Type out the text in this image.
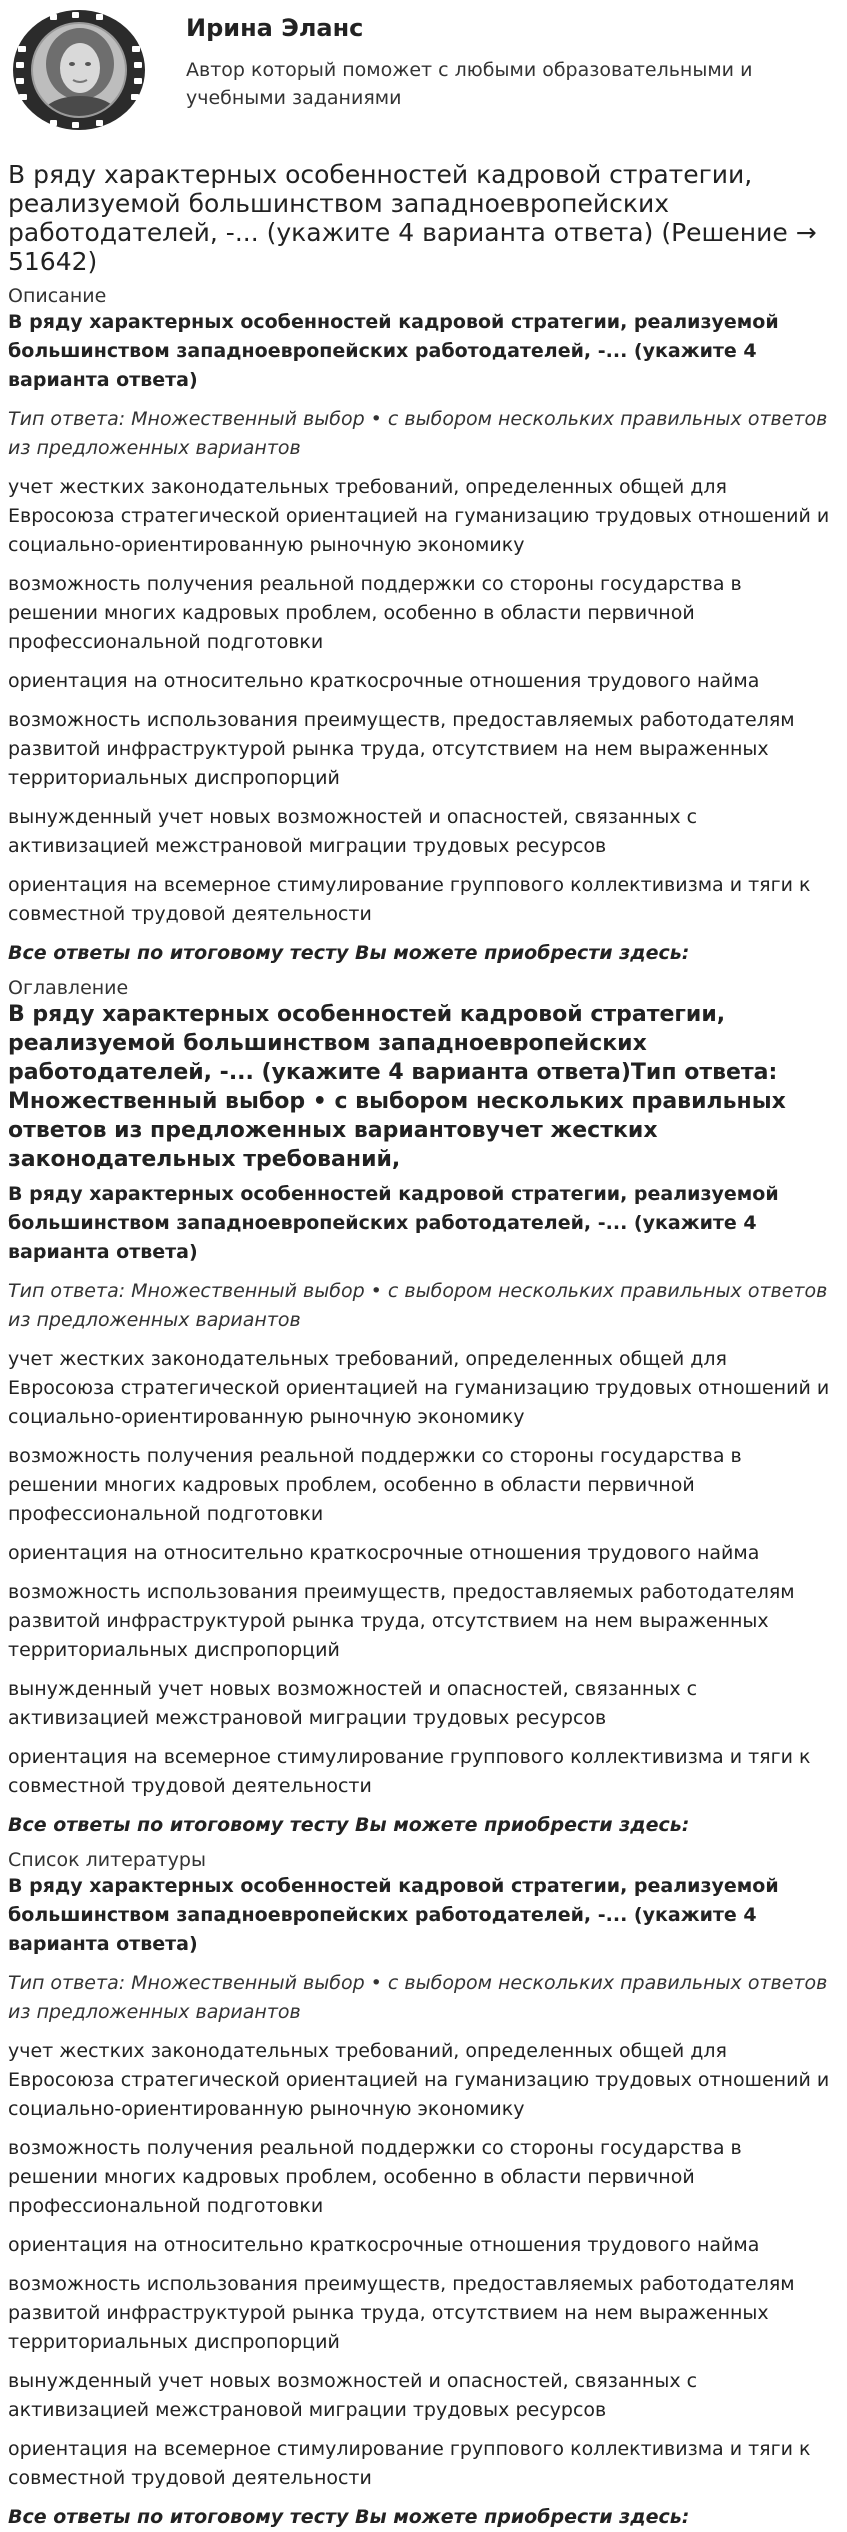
Ирина Эланс

Автор который поможет с любыми образовательными и учебными заданиями

В ряду характерных особенностей кадровой стратегии, реализуемой большинством западноевропейских работодателей, -... (укажите 4 варианта ответа) (Решение → 51642)

Описание

В ряду характерных особенностей кадровой стратегии, реализуемой большинством западноевропейских работодателей, -... (укажите 4 варианта ответа)

Тип ответа: Множественный выбор • с выбором нескольких правильных ответов из предложенных вариантов

учет жестких законодательных требований, определенных общей для Евросоюза стратегической ориентацией на гуманизацию трудовых отношений и социально-ориентированную рыночную экономику

возможность получения реальной поддержки со стороны государства в решении многих кадровых проблем, особенно в области первичной профессиональной подготовки

ориентация на относительно краткосрочные отношения трудового найма

возможность использования преимуществ, предоставляемых работодателям развитой инфраструктурой рынка труда, отсутствием на нем выраженных территориальных диспропорций

вынужденный учет новых возможностей и опасностей, связанных с активизацией межстрановой миграции трудовых ресурсов

ориентация на всемерное стимулирование группового коллективизма и тяги к совместной трудовой деятельности

Все ответы по итоговому тесту Вы можете приобрести здесь:

Оглавление

В ряду характерных особенностей кадровой стратегии, реализуемой большинством западноевропейских работодателей, -... (укажите 4 варианта ответа)Тип ответа: Множественный выбор • с выбором нескольких правильных ответов из предложенных вариантовучет жестких законодательных требований,

В ряду характерных особенностей кадровой стратегии, реализуемой большинством западноевропейских работодателей, -... (укажите 4 варианта ответа)

Тип ответа: Множественный выбор • с выбором нескольких правильных ответов из предложенных вариантов

учет жестких законодательных требований, определенных общей для Евросоюза стратегической ориентацией на гуманизацию трудовых отношений и социально-ориентированную рыночную экономику

возможность получения реальной поддержки со стороны государства в решении многих кадровых проблем, особенно в области первичной профессиональной подготовки

ориентация на относительно краткосрочные отношения трудового найма

возможность использования преимуществ, предоставляемых работодателям развитой инфраструктурой рынка труда, отсутствием на нем выраженных территориальных диспропорций

вынужденный учет новых возможностей и опасностей, связанных с активизацией межстрановой миграции трудовых ресурсов

ориентация на всемерное стимулирование группового коллективизма и тяги к совместной трудовой деятельности

Все ответы по итоговому тесту Вы можете приобрести здесь:

Список литературы

В ряду характерных особенностей кадровой стратегии, реализуемой большинством западноевропейских работодателей, -... (укажите 4 варианта ответа)

Тип ответа: Множественный выбор • с выбором нескольких правильных ответов из предложенных вариантов

учет жестких законодательных требований, определенных общей для Евросоюза стратегической ориентацией на гуманизацию трудовых отношений и социально-ориентированную рыночную экономику

возможность получения реальной поддержки со стороны государства в решении многих кадровых проблем, особенно в области первичной профессиональной подготовки

ориентация на относительно краткосрочные отношения трудового найма

возможность использования преимуществ, предоставляемых работодателям развитой инфраструктурой рынка труда, отсутствием на нем выраженных территориальных диспропорций

вынужденный учет новых возможностей и опасностей, связанных с активизацией межстрановой миграции трудовых ресурсов

ориентация на всемерное стимулирование группового коллективизма и тяги к совместной трудовой деятельности

Все ответы по итоговому тесту Вы можете приобрести здесь:
